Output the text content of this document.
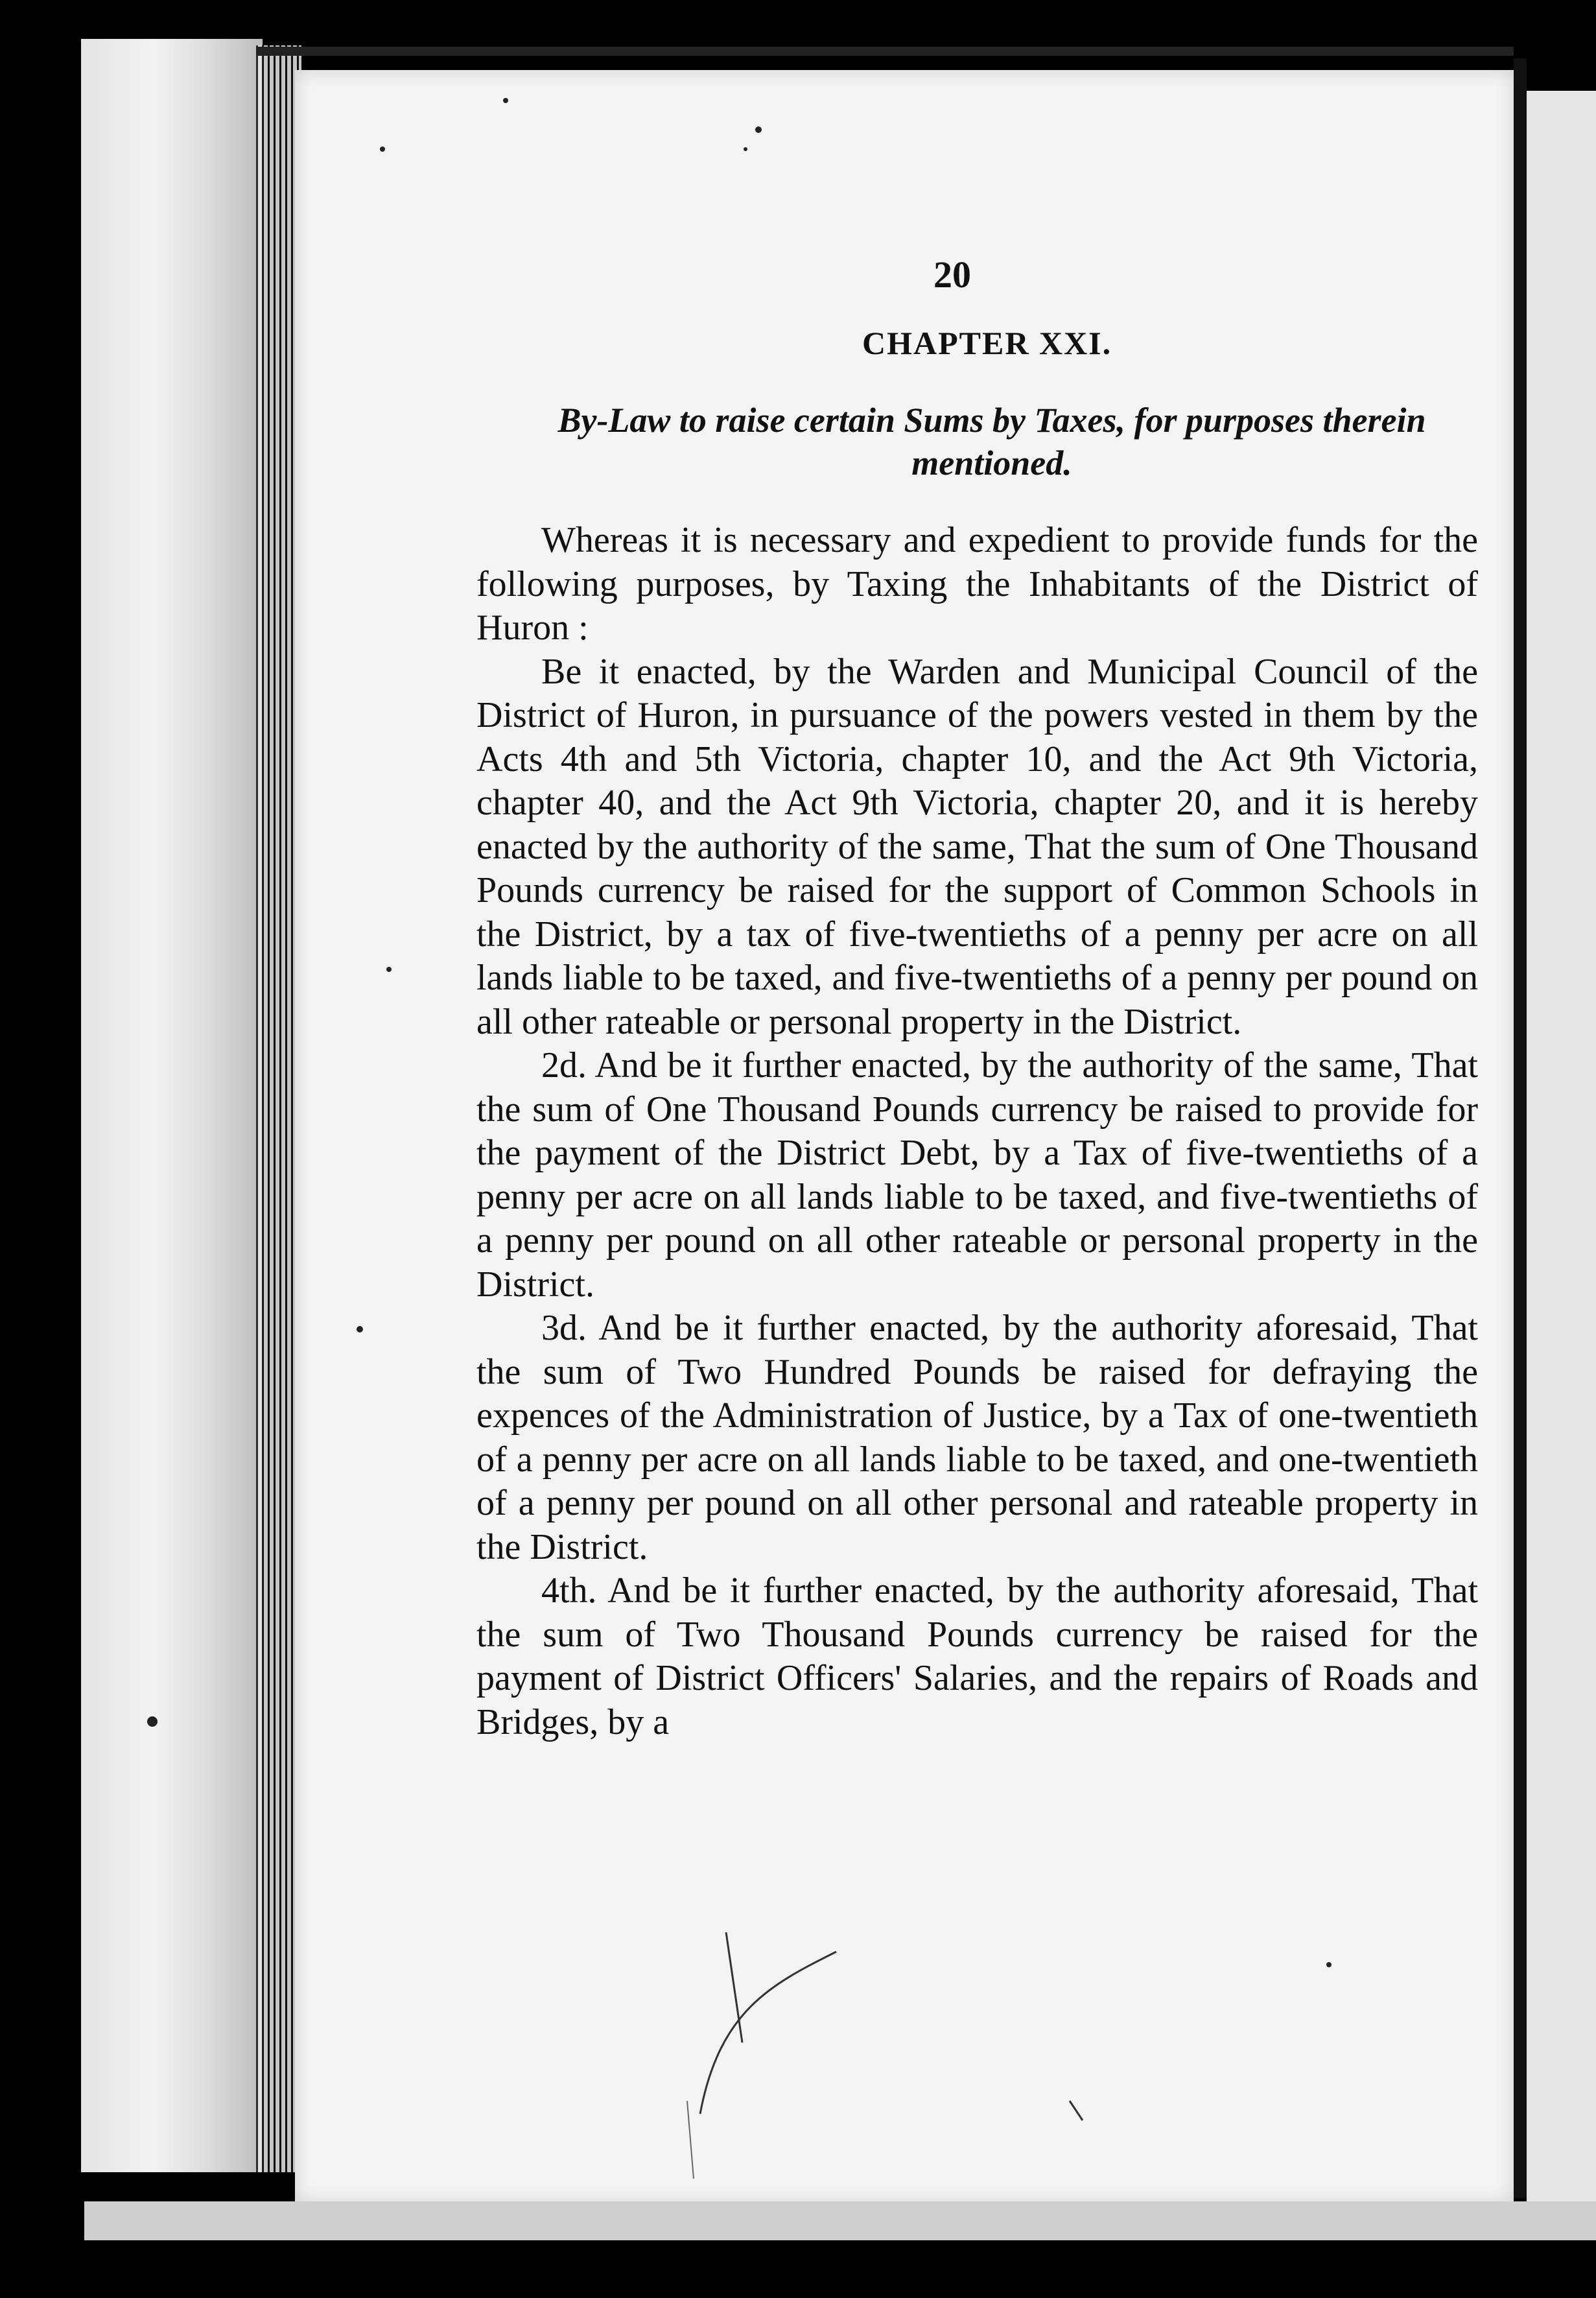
20
CHAPTER XXI.
By-Law to raise certain Sums by Taxes, for purposes therein mentioned.

Whereas it is necessary and expedient to provide funds for the following purposes, by Taxing the Inhabitants of the District of Huron :

Be it enacted, by the Warden and Municipal Council of the District of Huron, in pursuance of the powers vested in them by the Acts 4th and 5th Victoria, chapter 10, and the Act 9th Victoria, chapter 40, and the Act 9th Victoria, chapter 20, and it is hereby enacted by the authority of the same, That the sum of One Thousand Pounds currency be raised for the support of Common Schools in the District, by a tax of five-twentieths of a penny per acre on all lands liable to be taxed, and five-twentieths of a penny per pound on all other rateable or personal property in the District.

2d. And be it further enacted, by the authority of the same, That the sum of One Thousand Pounds currency be raised to provide for the payment of the District Debt, by a Tax of five-twentieths of a penny per acre on all lands liable to be taxed, and five-twentieths of a penny per pound on all other rateable or personal property in the District.

3d. And be it further enacted, by the authority aforesaid, That the sum of Two Hundred Pounds be raised for defraying the expences of the Administration of Justice, by a Tax of one-twentieth of a penny per acre on all lands liable to be taxed, and one-twentieth of a penny per pound on all other personal and rateable property in the District.

4th. And be it further enacted, by the authority aforesaid, That the sum of Two Thousand Pounds currency be raised for the payment of District Officers' Salaries, and the repairs of Roads and Bridges, by a
